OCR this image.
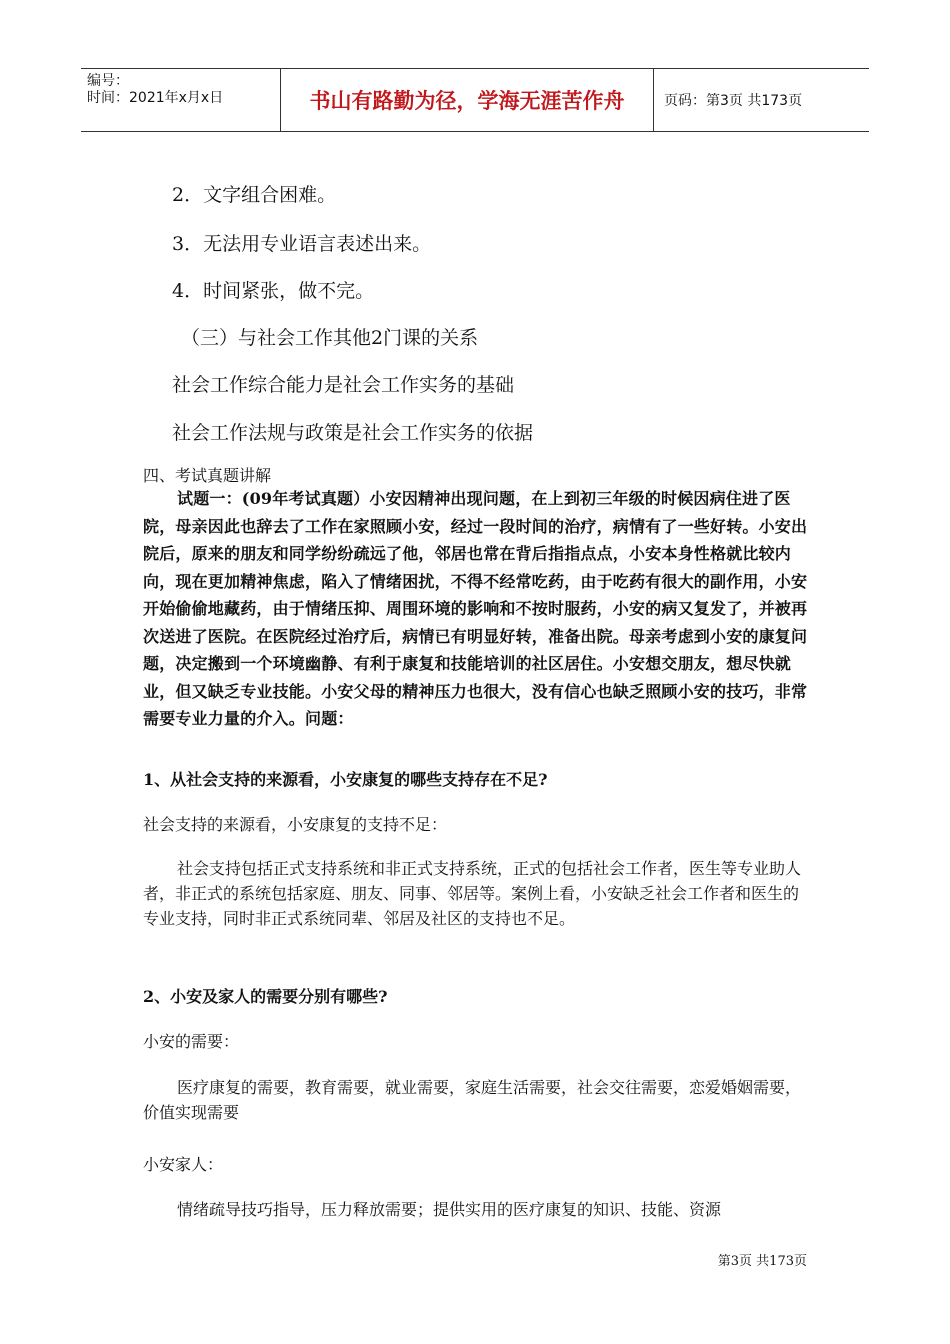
编号：
时间：2021年x月x日	书山有路勤为径，学海无涯苦作舟	页码：第3页 共173页

2．文字组合困难。

3．无法用专业语言表述出来。

4．时间紧张，做不完。

（三）与社会工作其他2门课的关系

社会工作综合能力是社会工作实务的基础

社会工作法规与政策是社会工作实务的依据

四、考试真题讲解

试题一：(09年考试真题）小安因精神出现问题，在上到初三年级的时候因病住进了医院，母亲因此也辞去了工作在家照顾小安，经过一段时间的治疗，病情有了一些好转。小安出院后，原来的朋友和同学纷纷疏远了他，邻居也常在背后指指点点，小安本身性格就比较内向，现在更加精神焦虑，陷入了情绪困扰，不得不经常吃药，由于吃药有很大的副作用，小安开始偷偷地藏药，由于情绪压抑、周围环境的影响和不按时服药，小安的病又复发了，并被再次送进了医院。在医院经过治疗后，病情已有明显好转，准备出院。母亲考虑到小安的康复问题，决定搬到一个环境幽静、有利于康复和技能培训的社区居住。小安想交朋友，想尽快就业，但又缺乏专业技能。小安父母的精神压力也很大，没有信心也缺乏照顾小安的技巧，非常需要专业力量的介入。问题：

1、从社会支持的来源看，小安康复的哪些支持存在不足?

社会支持的来源看，小安康复的支持不足：

社会支持包括正式支持系统和非正式支持系统，正式的包括社会工作者，医生等专业助人者，非正式的系统包括家庭、朋友、同事、邻居等。案例上看，小安缺乏社会工作者和医生的专业支持，同时非正式系统同辈、邻居及社区的支持也不足。

2、小安及家人的需要分别有哪些?

小安的需要：

医疗康复的需要，教育需要，就业需要，家庭生活需要，社会交往需要，恋爱婚姻需要，价值实现需要

小安家人：

情绪疏导技巧指导，压力释放需要；提供实用的医疗康复的知识、技能、资源

第3页 共173页
